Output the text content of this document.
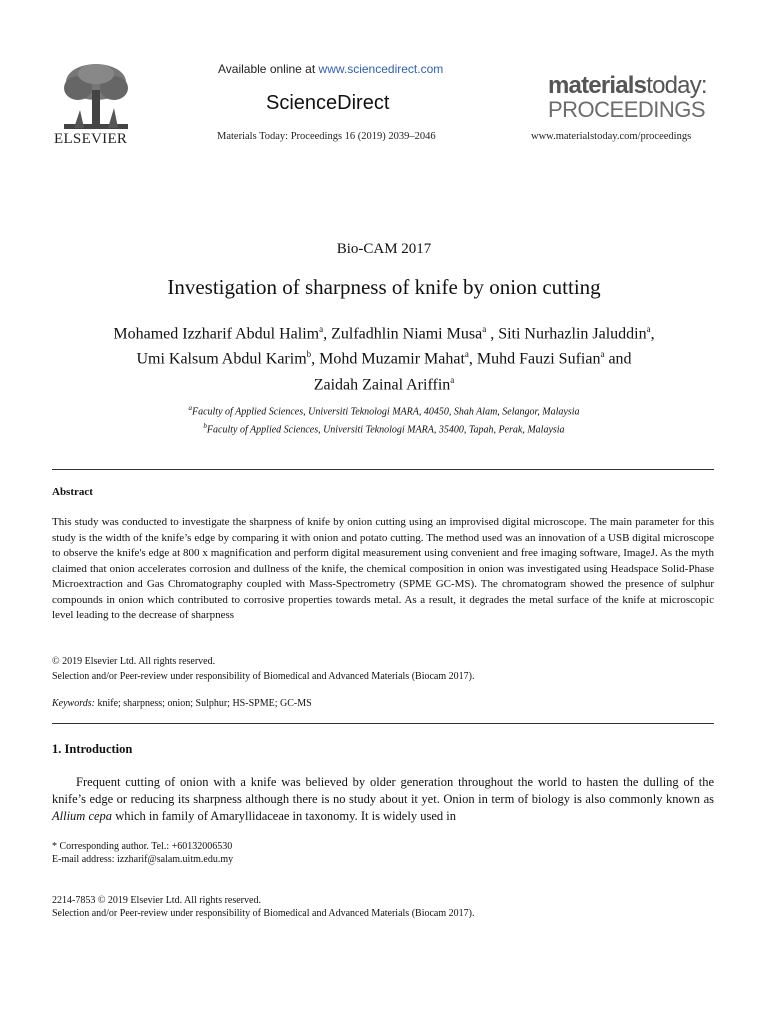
ELSEVIER
Available online at www.sciencedirect.com
ScienceDirect
Materials Today: Proceedings 16 (2019) 2039–2046
materialstoday:
PROCEEDINGS
www.materialstoday.com/proceedings
Bio-CAM 2017
Investigation of sharpness of knife by onion cutting
Mohamed Izzharif Abdul Halim$^a$, Zulfadhlin Niami Musa$^a$ , Siti Nurhazlin Jaluddin$^a$,
Umi Kalsum Abdul Karim$^b$, Mohd Muzamir Mahat$^a$, Muhd Fauzi Sufian$^a$ and
Zaidah Zainal Ariffin$^a$
$^a$Faculty of Applied Sciences, Universiti Teknologi MARA, 40450, Shah Alam, Selangor, Malaysia
$^b$Faculty of Applied Sciences, Universiti Teknologi MARA, 35400, Tapah, Perak, Malaysia
Abstract
This study was conducted to investigate the sharpness of knife by onion cutting using an improvised digital microscope. The main parameter for this study is the width of the knife’s edge by comparing it with onion and potato cutting. The method used was an innovation of a USB digital microscope to observe the knife's edge at 800 x magnification and perform digital measurement using convenient and free imaging software, ImageJ. As the myth claimed that onion accelerates corrosion and dullness of the knife, the chemical composition in onion was investigated using Headspace Solid-Phase Microextraction and Gas Chromatography coupled with Mass-Spectrometry (SPME GC-MS). The chromatogram showed the presence of sulphur compounds in onion which contributed to corrosive properties towards metal. As a result, it degrades the metal surface of the knife at microscopic level leading to the decrease of sharpness
© 2019 Elsevier Ltd. All rights reserved.
Selection and/or Peer-review under responsibility of Biomedical and Advanced Materials (Biocam 2017).
Keywords: knife; sharpness; onion; Sulphur; HS-SPME; GC-MS
1. Introduction
Frequent cutting of onion with a knife was believed by older generation throughout the world to hasten the dulling of the knife’s edge or reducing its sharpness although there is no study about it yet. Onion in term of biology is also commonly known as Allium cepa which in family of Amaryllidaceae in taxonomy. It is widely used in
* Corresponding author. Tel.: +60132006530
E-mail address: izzharif@salam.uitm.edu.my
2214-7853 © 2019 Elsevier Ltd. All rights reserved.
Selection and/or Peer-review under responsibility of Biomedical and Advanced Materials (Biocam 2017).
